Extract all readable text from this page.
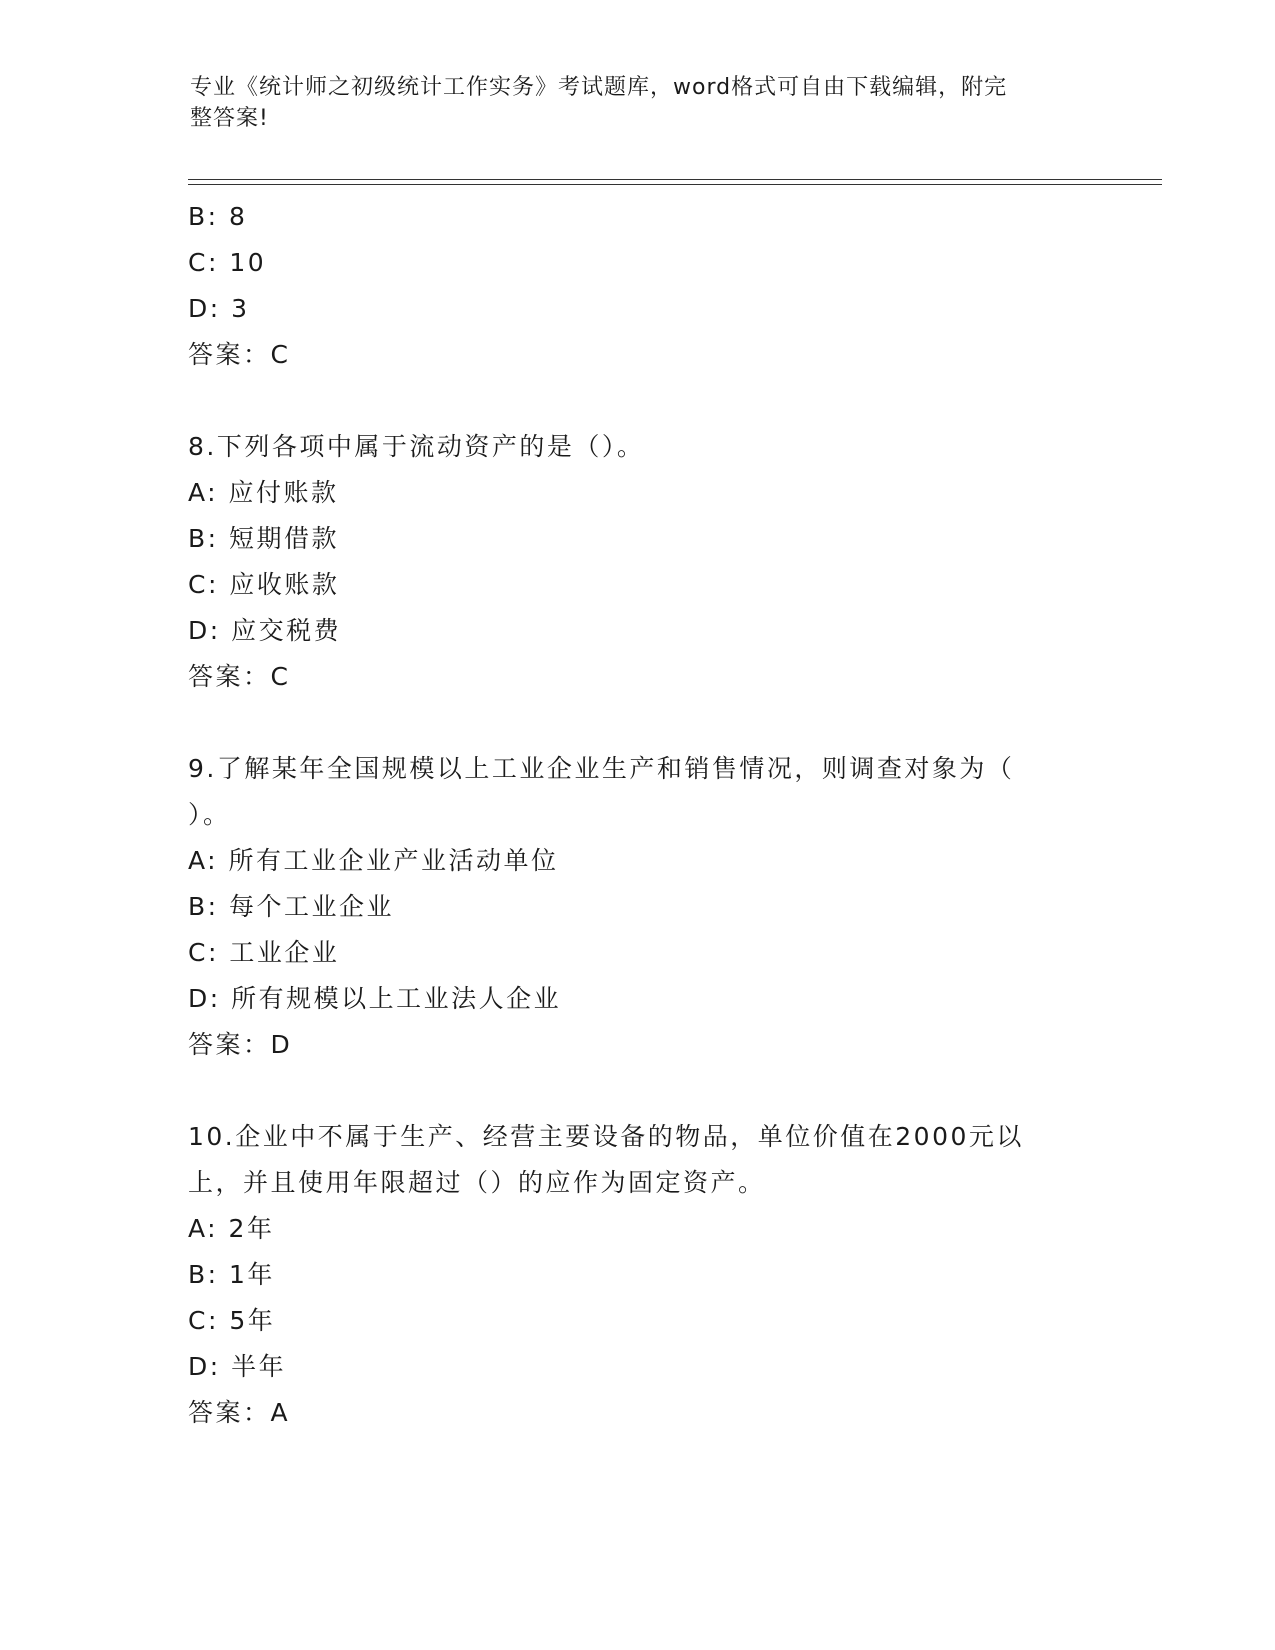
专业《统计师之初级统计工作实务》考试题库，word格式可自由下载编辑，附完
整答案!
B: 8
C: 10
D: 3
答案：C
8.下列各项中属于流动资产的是（）。
A: 应付账款
B: 短期借款
C: 应收账款
D: 应交税费
答案：C
9.了解某年全国规模以上工业企业生产和销售情况，则调查对象为（
）。
A: 所有工业企业产业活动单位
B: 每个工业企业
C: 工业企业
D: 所有规模以上工业法人企业
答案：D
10.企业中不属于生产、经营主要设备的物品，单位价值在2000元以
上，并且使用年限超过（）的应作为固定资产。
A: 2年
B: 1年
C: 5年
D: 半年
答案：A
